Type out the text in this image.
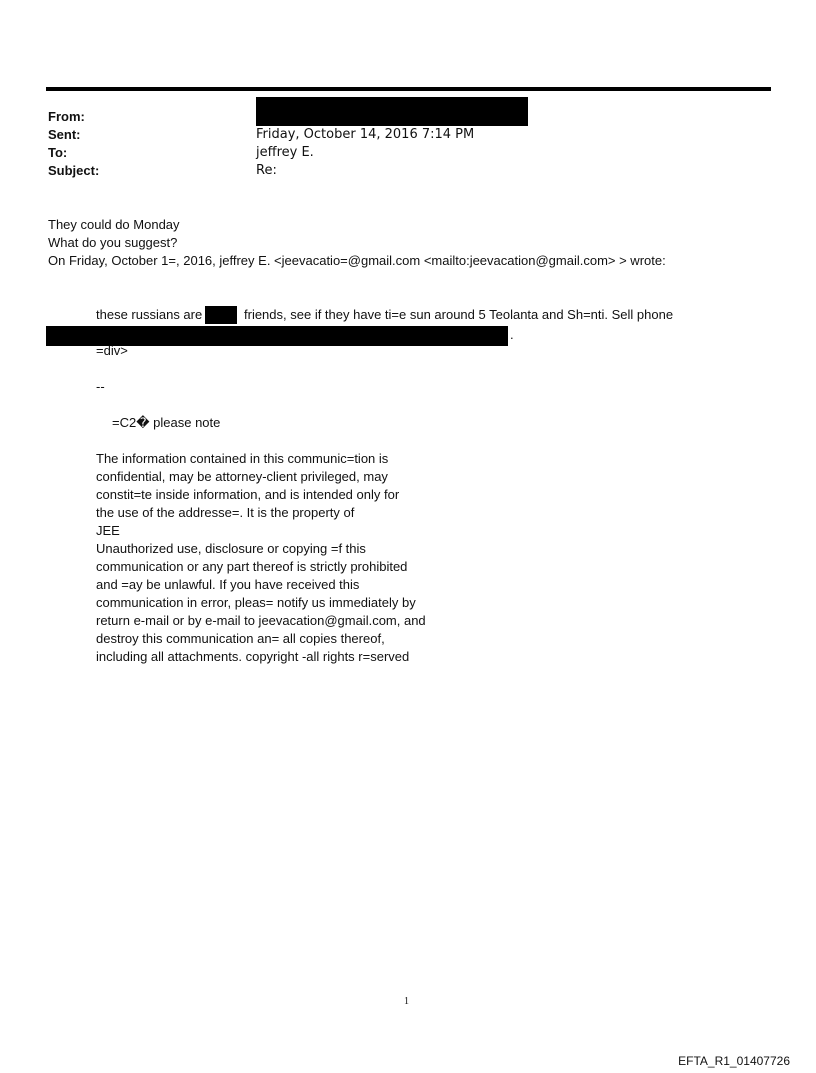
From:
Sent:	Friday, October 14, 2016 7:14 PM
To:	jeffrey E.
Subject:	Re:
They could do Monday
What do you suggest?
On Friday, October 1=, 2016, jeffrey E. <jeevacatio=@gmail.com <mailto:jeevacation@gmail.com> > wrote:
these russians are	friends, see if they have ti=e sun around 5 Teolanta and Sh=nti. Sell phone
.
=div>
--
=C2� please note
The information contained in this communic=tion is
confidential, may be attorney-client privileged, may
constit=te inside information, and is intended only for
the use of the addresse=. It is the property of
JEE
Unauthorized use, disclosure or copying =f this
communication or any part thereof is strictly prohibited
and =ay be unlawful. If you have received this
communication in error, pleas= notify us immediately by
return e-mail or by e-mail to jeevacation@gmail.com, and
destroy this communication an= all copies thereof,
including all attachments. copyright -all rights r=served
1
EFTA_R1_01407726
